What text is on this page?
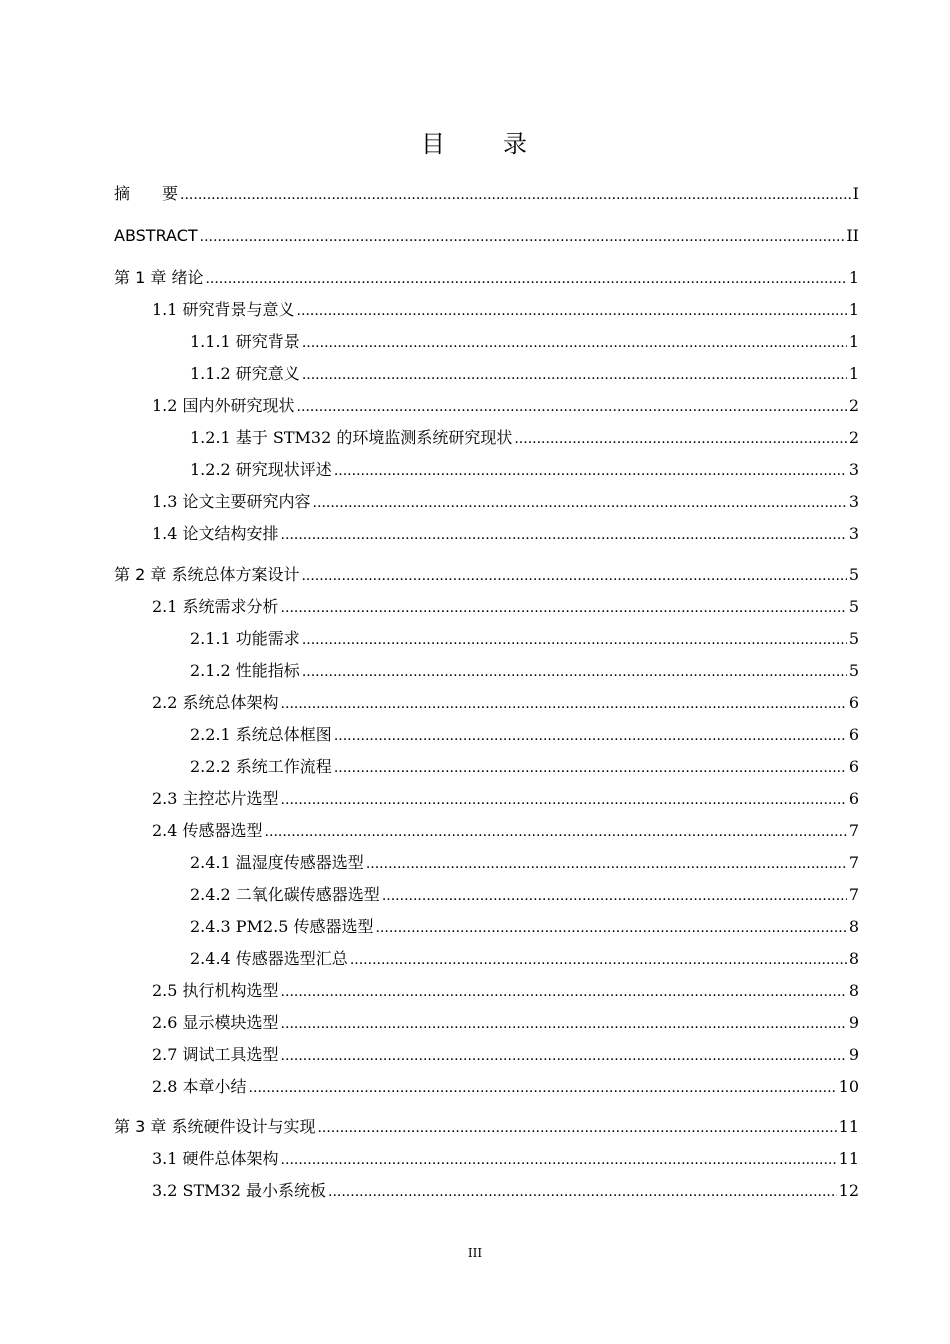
目 录
摘　　要 .....	I
ABSTRACT .....	II
第 1 章 绪论 .....	1
1.1 研究背景与意义 .....	1
1.1.1 研究背景 .....	1
1.1.2 研究意义 .....	1
1.2 国内外研究现状 .....	2
1.2.1 基于 STM32 的环境监测系统研究现状 .....	2
1.2.2 研究现状评述 .....	3
1.3 论文主要研究内容 .....	3
1.4 论文结构安排 .....	3
第 2 章 系统总体方案设计 .....	5
2.1 系统需求分析 .....	5
2.1.1 功能需求 .....	5
2.1.2 性能指标 .....	5
2.2 系统总体架构 .....	6
2.2.1 系统总体框图 .....	6
2.2.2 系统工作流程 .....	6
2.3 主控芯片选型 .....	6
2.4 传感器选型 .....	7
2.4.1 温湿度传感器选型 .....	7
2.4.2 二氧化碳传感器选型 .....	7
2.4.3 PM2.5 传感器选型 .....	8
2.4.4 传感器选型汇总 .....	8
2.5 执行机构选型 .....	8
2.6 显示模块选型 .....	9
2.7 调试工具选型 .....	9
2.8 本章小结 .....	10
第 3 章 系统硬件设计与实现 .....	11
3.1 硬件总体架构 .....	11
3.2 STM32 最小系统板 .....	12
III
